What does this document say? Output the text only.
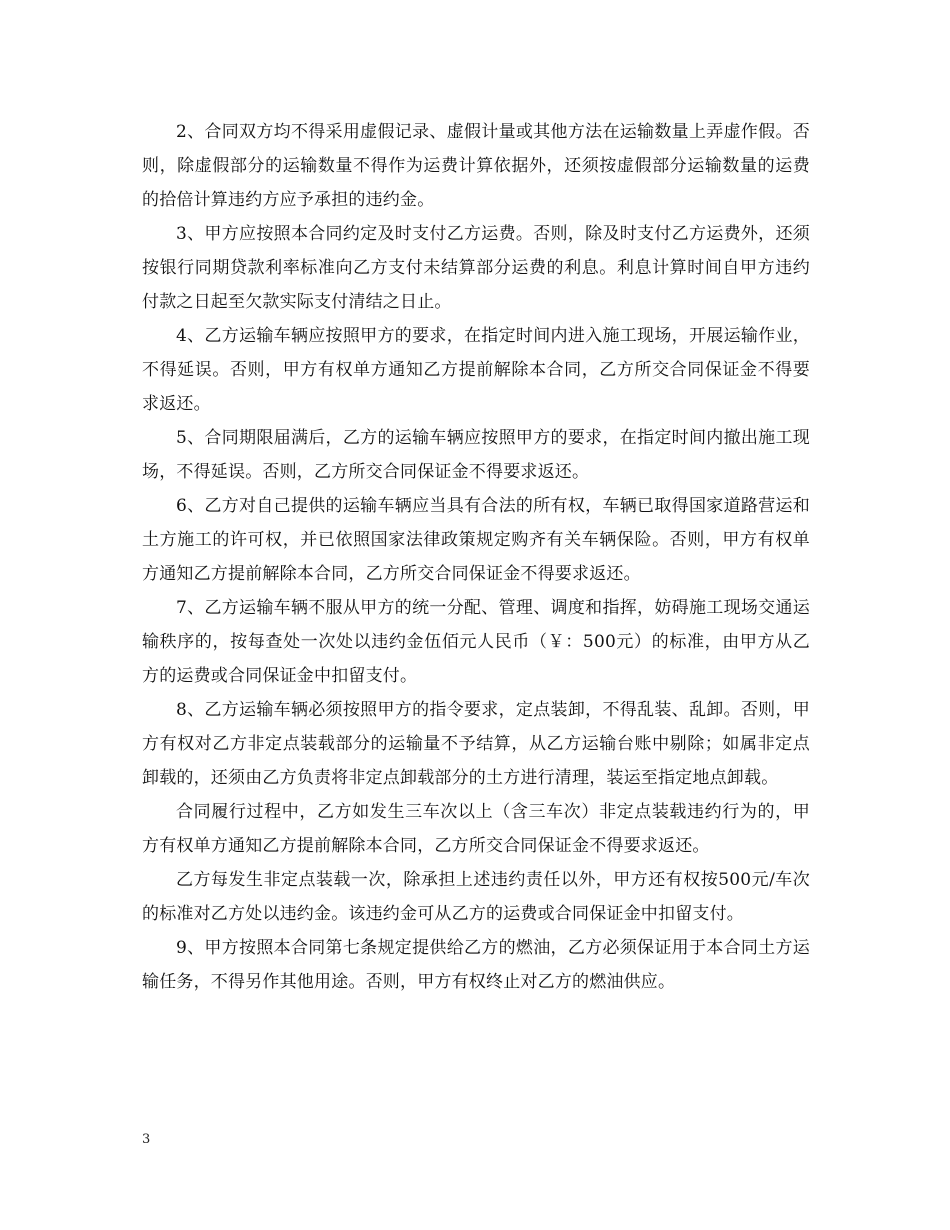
2、合同双方均不得采用虚假记录、虚假计量或其他方法在运输数量上弄虚作假。否则，除虚假部分的运输数量不得作为运费计算依据外，还须按虚假部分运输数量的运费的拾倍计算违约方应予承担的违约金。

3、甲方应按照本合同约定及时支付乙方运费。否则，除及时支付乙方运费外，还须按银行同期贷款利率标准向乙方支付未结算部分运费的利息。利息计算时间自甲方违约付款之日起至欠款实际支付清结之日止。

4、乙方运输车辆应按照甲方的要求，在指定时间内进入施工现场，开展运输作业，不得延误。否则，甲方有权单方通知乙方提前解除本合同，乙方所交合同保证金不得要求返还。

5、合同期限届满后，乙方的运输车辆应按照甲方的要求，在指定时间内撤出施工现场，不得延误。否则，乙方所交合同保证金不得要求返还。

6、乙方对自己提供的运输车辆应当具有合法的所有权，车辆已取得国家道路营运和土方施工的许可权，并已依照国家法律政策规定购齐有关车辆保险。否则，甲方有权单方通知乙方提前解除本合同，乙方所交合同保证金不得要求返还。

7、乙方运输车辆不服从甲方的统一分配、管理、调度和指挥，妨碍施工现场交通运输秩序的，按每查处一次处以违约金伍佰元人民币（￥：500元）的标准，由甲方从乙方的运费或合同保证金中扣留支付。

8、乙方运输车辆必须按照甲方的指令要求，定点装卸，不得乱装、乱卸。否则，甲方有权对乙方非定点装载部分的运输量不予结算，从乙方运输台账中剔除；如属非定点卸载的，还须由乙方负责将非定点卸载部分的土方进行清理，装运至指定地点卸载。

合同履行过程中，乙方如发生三车次以上（含三车次）非定点装载违约行为的，甲方有权单方通知乙方提前解除本合同，乙方所交合同保证金不得要求返还。

乙方每发生非定点装载一次，除承担上述违约责任以外，甲方还有权按500元/车次的标准对乙方处以违约金。该违约金可从乙方的运费或合同保证金中扣留支付。

9、甲方按照本合同第七条规定提供给乙方的燃油，乙方必须保证用于本合同土方运输任务，不得另作其他用途。否则，甲方有权终止对乙方的燃油供应。

3
